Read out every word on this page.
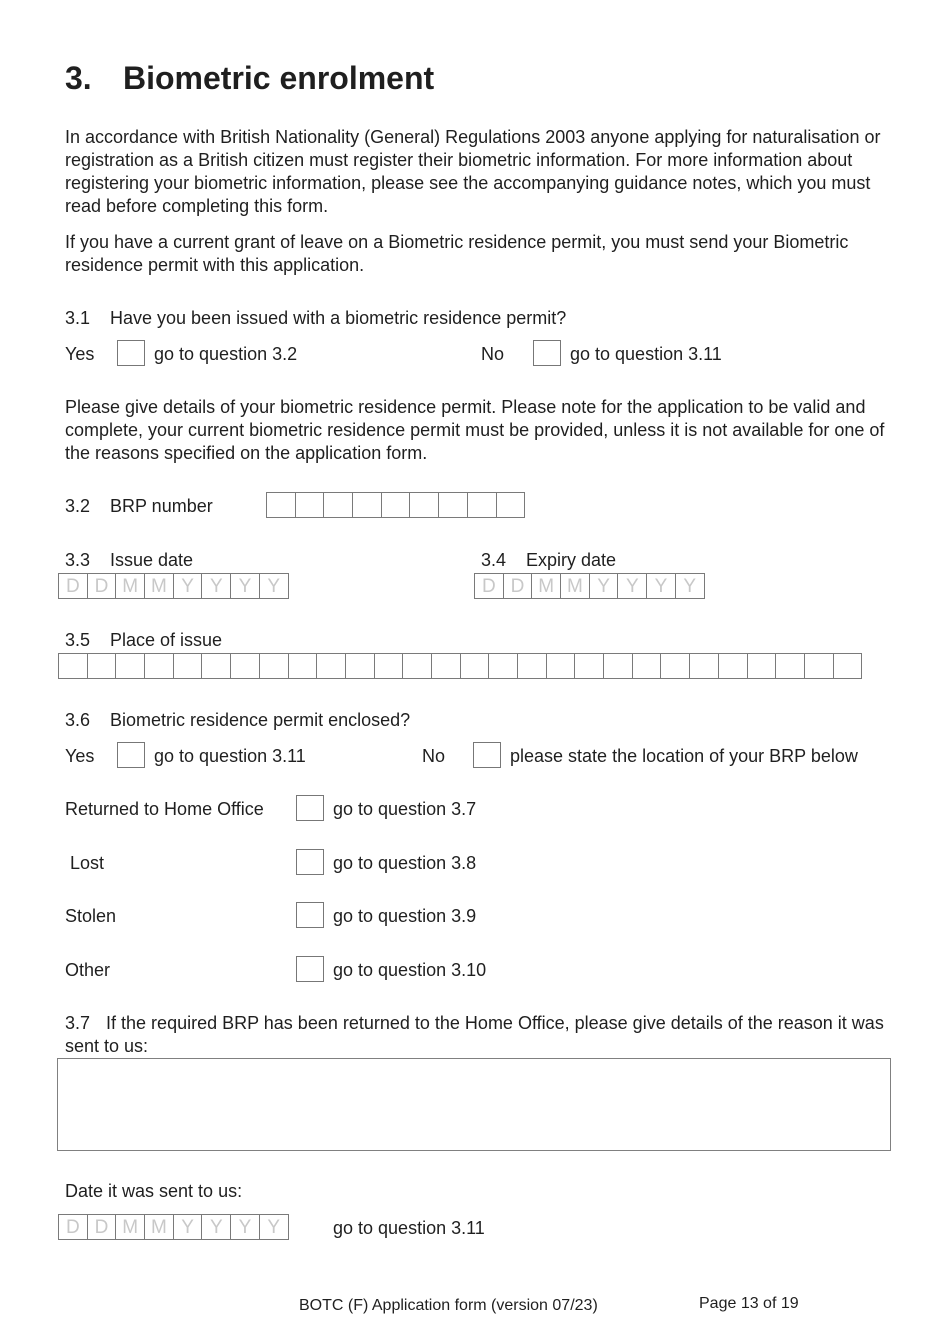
3. Biometric enrolment
In accordance with British Nationality (General) Regulations 2003 anyone applying for naturalisation or registration as a British citizen must register their biometric information. For more information about registering your biometric information, please see the accompanying guidance notes, which you must read before completing this form.
If you have a current grant of leave on a Biometric residence permit, you must send your Biometric residence permit with this application.
3.1 Have you been issued with a biometric residence permit?
Yes	go to question 3.2	No	go to question 3.11
Please give details of your biometric residence permit. Please note for the application to be valid and complete, your current biometric residence permit must be provided, unless it is not available for one of the reasons specified on the application form.
3.2 BRP number
3.3 Issue date
D D M M Y Y Y Y
3.4 Expiry date
D D M M Y Y Y Y
3.5 Place of issue
3.6 Biometric residence permit enclosed?
Yes	go to question 3.11	No	please state the location of your BRP below
Returned to Home Office	go to question 3.7
Lost	go to question 3.8
Stolen	go to question 3.9
Other	go to question 3.10
3.7 If the required BRP has been returned to the Home Office, please give details of the reason it was sent to us:
Date it was sent to us:
D D M M Y Y Y Y	go to question 3.11
BOTC (F) Application form (version 07/23)	Page 13 of 19
